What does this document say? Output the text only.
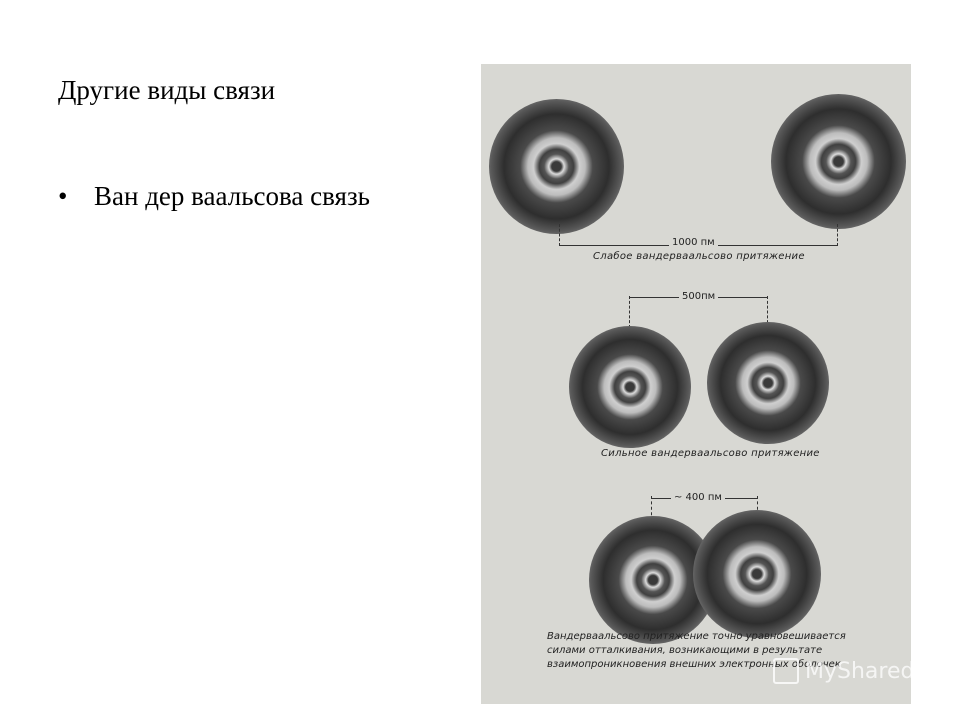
Другие виды связи
• Ван дер ваальсова связь
1000 пм
Слабое вандерваальсово притяжение
500пм
Сильное вандерваальсово притяжение
~ 400 пм
Вандерваальсово притяжение точно уравновешивается
силами отталкивания, возникающими в результате
взаимопроникновения внешних электронных оболочек
MyShared
